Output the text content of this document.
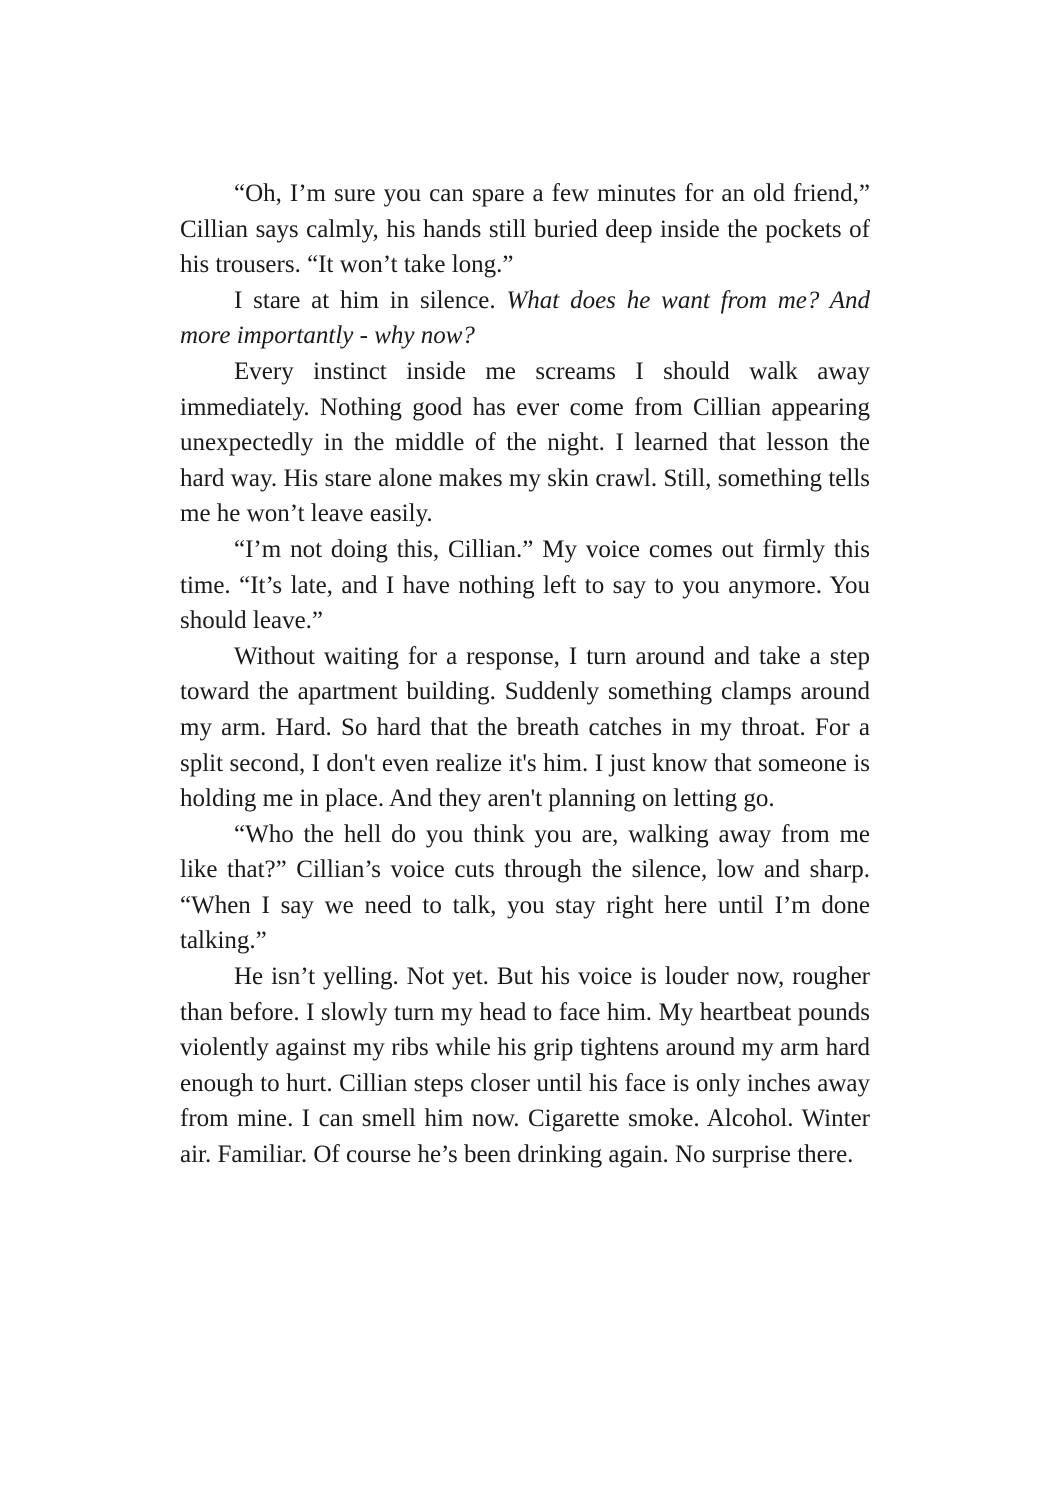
“Oh, I’m sure you can spare a few minutes for an old friend,” Cillian says calmly, his hands still buried deep inside the pockets of his trousers. “It won’t take long.”

I stare at him in silence. What does he want from me? And more importantly - why now?

Every instinct inside me screams I should walk away immediately. Nothing good has ever come from Cillian appearing unexpectedly in the middle of the night. I learned that lesson the hard way. His stare alone makes my skin crawl. Still, something tells me he won’t leave easily.

“I’m not doing this, Cillian.” My voice comes out firmly this time. “It’s late, and I have nothing left to say to you anymore. You should leave.”

Without waiting for a response, I turn around and take a step toward the apartment building. Suddenly something clamps around my arm. Hard. So hard that the breath catches in my throat. For a split second, I don't even realize it's him. I just know that someone is holding me in place. And they aren't planning on letting go.

“Who the hell do you think you are, walking away from me like that?” Cillian’s voice cuts through the silence, low and sharp. “When I say we need to talk, you stay right here until I’m done talking.”

He isn’t yelling. Not yet. But his voice is louder now, rougher than before. I slowly turn my head to face him. My heartbeat pounds violently against my ribs while his grip tightens around my arm hard enough to hurt. Cillian steps closer until his face is only inches away from mine. I can smell him now. Cigarette smoke. Alcohol. Winter air. Familiar. Of course he’s been drinking again. No surprise there.
